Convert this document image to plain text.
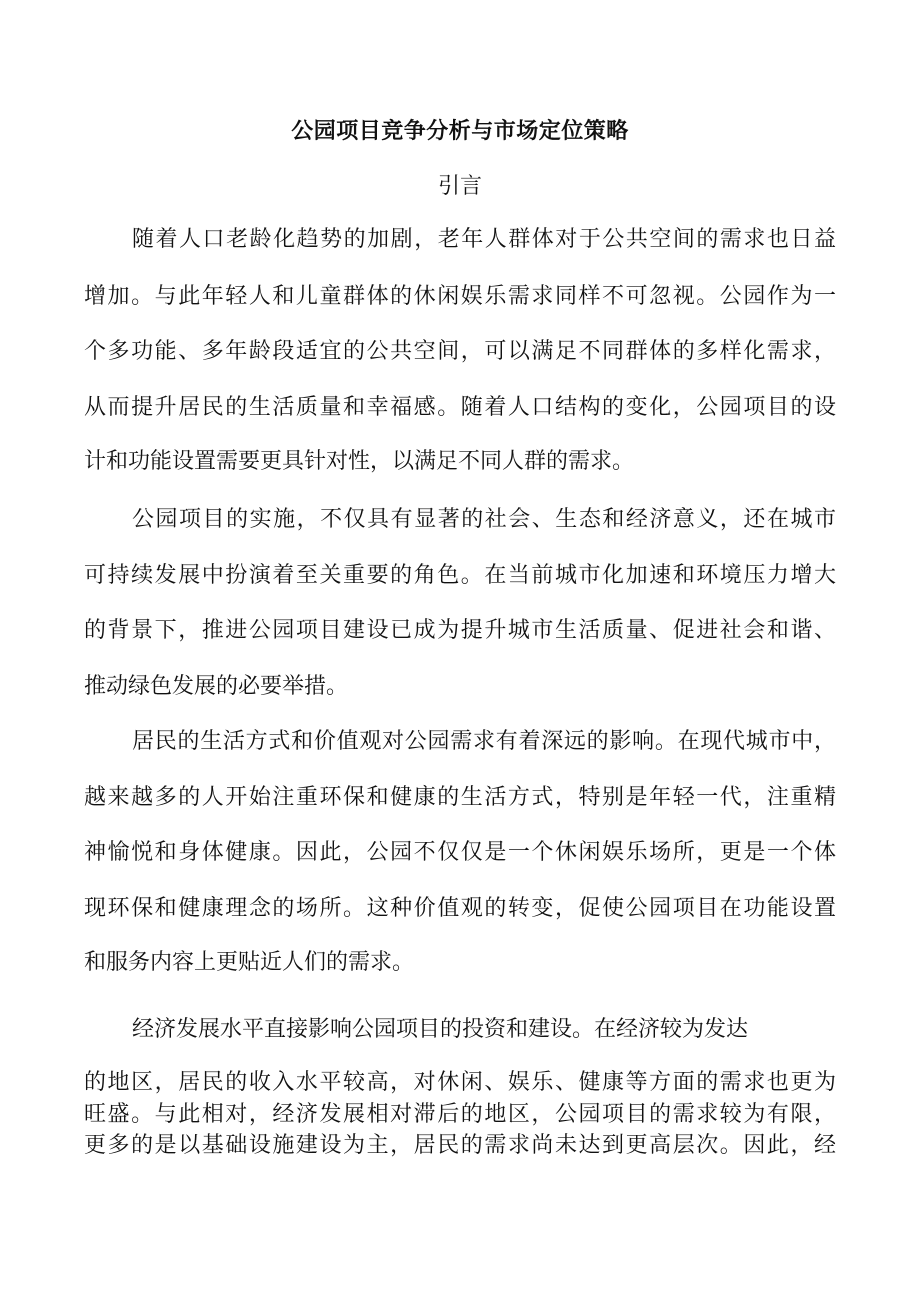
公园项目竞争分析与市场定位策略
引言
随着人口老龄化趋势的加剧，老年人群体对于公共空间的需求也日益
增加。与此年轻人和儿童群体的休闲娱乐需求同样不可忽视。公园作为一
个多功能、多年龄段适宜的公共空间，可以满足不同群体的多样化需求，
从而提升居民的生活质量和幸福感。随着人口结构的变化，公园项目的设
计和功能设置需要更具针对性，以满足不同人群的需求。
公园项目的实施，不仅具有显著的社会、生态和经济意义，还在城市
可持续发展中扮演着至关重要的角色。在当前城市化加速和环境压力增大
的背景下，推进公园项目建设已成为提升城市生活质量、促进社会和谐、
推动绿色发展的必要举措。
居民的生活方式和价值观对公园需求有着深远的影响。在现代城市中，
越来越多的人开始注重环保和健康的生活方式，特别是年轻一代，注重精
神愉悦和身体健康。因此，公园不仅仅是一个休闲娱乐场所，更是一个体
现环保和健康理念的场所。这种价值观的转变，促使公园项目在功能设置
和服务内容上更贴近人们的需求。
经济发展水平直接影响公园项目的投资和建设。在经济较为发达
的地区，居民的收入水平较高，对休闲、娱乐、健康等方面的需求也更为
旺盛。与此相对，经济发展相对滞后的地区，公园项目的需求较为有限，
更多的是以基础设施建设为主，居民的需求尚未达到更高层次。因此，经
